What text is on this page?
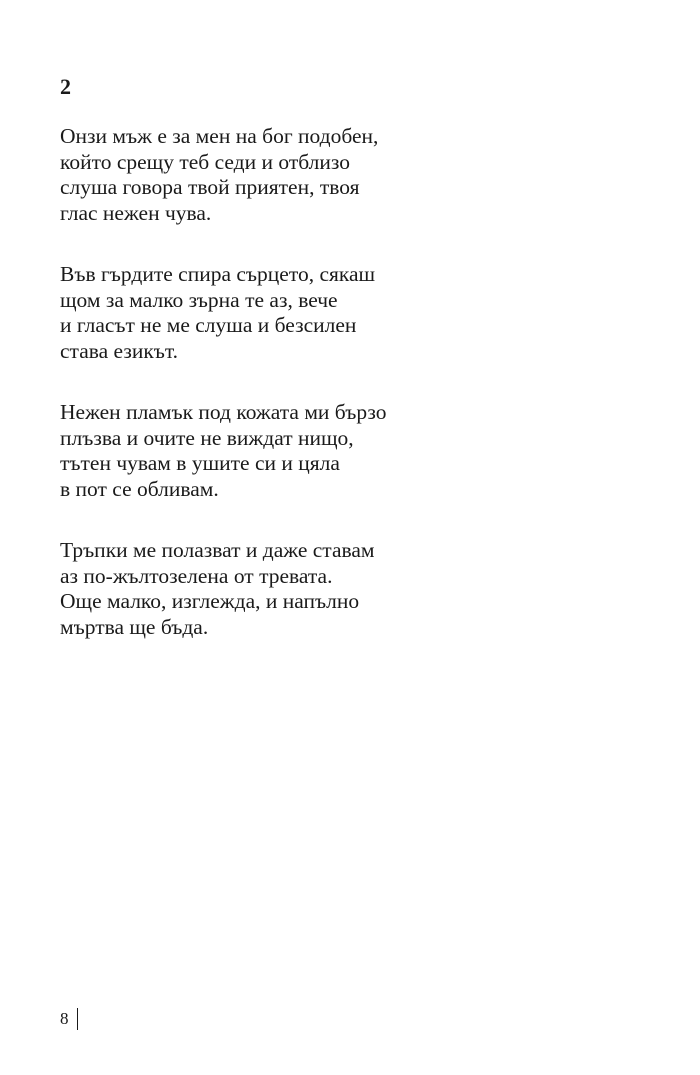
2
Онзи мъж е за мен на бог подобен,
който срещу теб седи и отблизо
слуша говора твой приятен, твоя
глас нежен чува.
Във гърдите спира сърцето, сякаш
щом за малко зърна те аз, вече
и гласът не ме слуша и безсилен
става езикът.
Нежен пламък под кожата ми бързо
плъзва и очите не виждат нищо,
тътен чувам в ушите си и цяла
в пот се обливам.
Тръпки ме полазват и даже ставам
аз по-жълтозелена от тревата.
Още малко, изглежда, и напълно
мъртва ще бъда.
8
